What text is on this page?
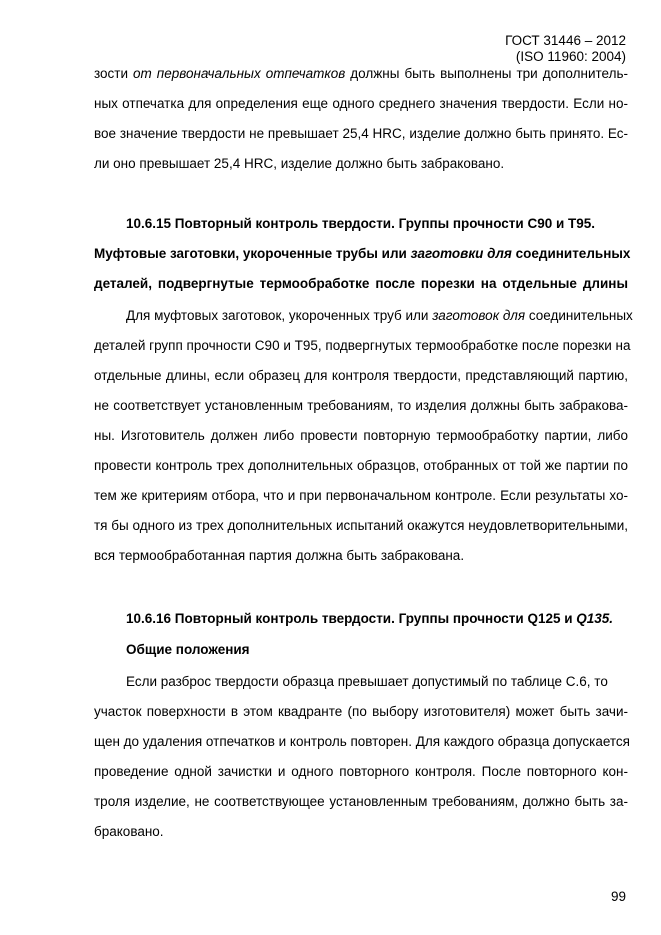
ГОСТ 31446 – 2012
(ISO 11960: 2004)
зости от первоначальных отпечатков должны быть выполнены три дополнитель-
ных отпечатка для определения еще одного среднего значения твердости. Если но-
вое значение твердости не превышает 25,4 HRC, изделие должно быть принято. Ес-
ли оно превышает 25,4 HRC, изделие должно быть забраковано.
10.6.15 Повторный контроль твердости. Группы прочности С90 и Т95.
Муфтовые заготовки, укороченные трубы или заготовки для соединительных
деталей, подвергнутые термообработке после порезки на отдельные длины
Для муфтовых заготовок, укороченных труб или заготовок для соединительных
деталей групп прочности С90 и Т95, подвергнутых термообработке после порезки на
отдельные длины, если образец для контроля твердости, представляющий партию,
не соответствует установленным требованиям, то изделия должны быть забракова-
ны. Изготовитель должен либо провести повторную термообработку партии, либо
провести контроль трех дополнительных образцов, отобранных от той же партии по
тем же критериям отбора, что и при первоначальном контроле. Если результаты хо-
тя бы одного из трех дополнительных испытаний окажутся неудовлетворительными,
вся термообработанная партия должна быть забракована.
10.6.16 Повторный контроль твердости. Группы прочности Q125 и Q135.
Общие положения
Если разброс твердости образца превышает допустимый по таблице С.6, то
участок поверхности в этом квадранте (по выбору изготовителя) может быть зачи-
щен до удаления отпечатков и контроль повторен. Для каждого образца допускается
проведение одной зачистки и одного повторного контроля. После повторного кон-
троля изделие, не соответствующее установленным требованиям, должно быть за-
браковано.
99
